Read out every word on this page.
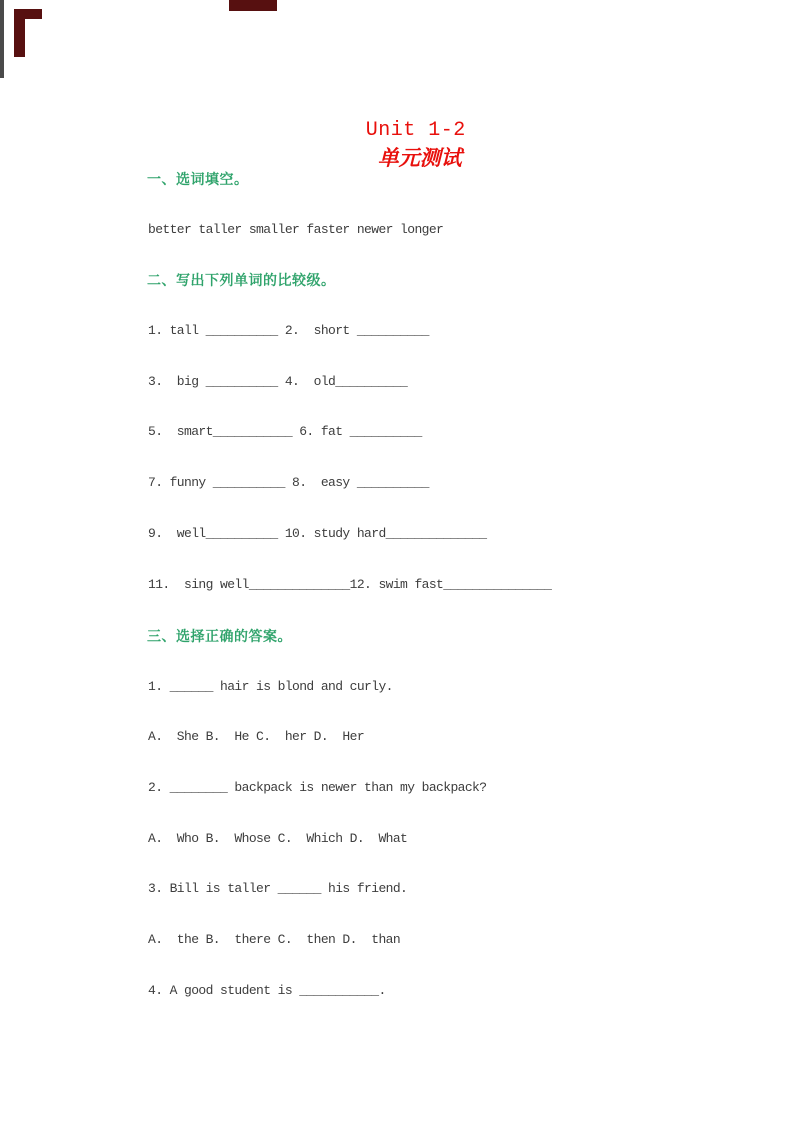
Unit 1-2
单元测试

一、选词填空。
better taller smaller faster newer longer
二、写出下列单词的比较级。
1. tall __________ 2.  short __________
3.  big __________ 4.  old__________
5.  smart___________ 6. fat __________
7. funny __________ 8.  easy __________
9.  well__________ 10. study hard______________
11.  sing well______________12. swim fast_______________
三、选择正确的答案。
1. ______ hair is blond and curly.
A.  She B.  He C.  her D.  Her
2. ________ backpack is newer than my backpack?
A.  Who B.  Whose C.  Which D.  What
3. Bill is taller ______ his friend.
A.  the B.  there C.  then D.  than
4. A good student is ___________.
